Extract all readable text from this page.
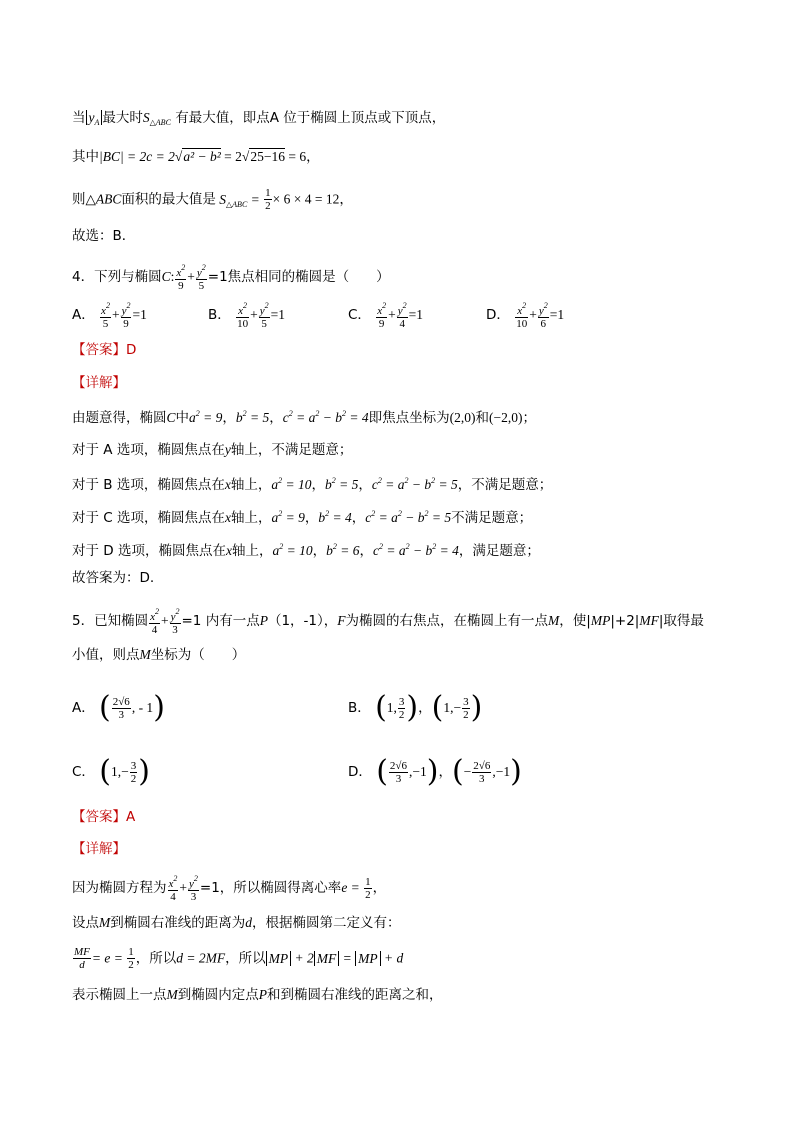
当 $y_A$ 最大时$S_{\triangle ABC}$ 有最大值，即点A 位于椭圆上顶点或下顶点，
其中|BC| = 2c = 2√a² − b² = 2√25−16 = 6，
则△ABC面积的最大值是 $S_{\triangle ABC} = \frac{1}{2} \times 6 \times 4 = 12$，
故选：B．
4．下列与椭圆C: $\frac{x^2}{9} + \frac{y^2}{5} =1$焦点相同的椭圆是（　　）
A． $\frac{x^2}{5} + \frac{y^2}{9} =1$	B． $\frac{x^2}{10} + \frac{y^2}{5} =1$	C． $\frac{x^2}{9} + \frac{y^2}{4} =1$	D． $\frac{x^2}{10} + \frac{y^2}{6} =1$
【答案】D
【详解】
由题意得，椭圆C中$a^2 = 9$，$b^2 = 5$，$c^2 = a^2 - b^2 = 4$即焦点坐标为(2,0)和(−2,0)；
对于 A 选项，椭圆焦点在y轴上，不满足题意；
对于 B 选项，椭圆焦点在x轴上，$a^2 = 10$，$b^2 = 5$，$c^2 = a^2 - b^2 = 5$，不满足题意；
对于 C 选项，椭圆焦点在x轴上，$a^2 = 9$，$b^2 = 4$，$c^2 = a^2 - b^2 = 5$不满足题意；
对于 D 选项，椭圆焦点在x轴上，$a^2 = 10$，$b^2 = 6$，$c^2 = a^2 - b^2 = 4$，满足题意；
故答案为：D.
5．已知椭圆 $\frac{x^2}{4} + \frac{y^2}{3} =1$ 内有一点P（1，-1），F为椭圆的右焦点，在椭圆上有一点M，使|MP|+2|MF|取得最
小值，则点M坐标为（　　）
A． ( $\frac{2√6}{3}$ , - 1)	B． (1, $\frac{3}{2}$ )，($1,- \frac{3}{2}$ )
C． ($1,- \frac{3}{2}$ )	D． ( $\frac{2√6}{3} ,-1$)，(− $\frac{2√6}{3} ,-1$)
【答案】A
【详解】
因为椭圆方程为 $\frac{x^2}{4} + \frac{y^2}{3} =1$，所以椭圆得离心率$e = \frac{1}{2}$ ，
设点M到椭圆右准线的距离为d，根据椭圆第二定义有：
$\frac{MF}{d} = e = \frac{1}{2}$ ，所以d = 2MF，所以 MP + 2 MF = MP + d
表示椭圆上一点M到椭圆内定点P和到椭圆右准线的距离之和，
